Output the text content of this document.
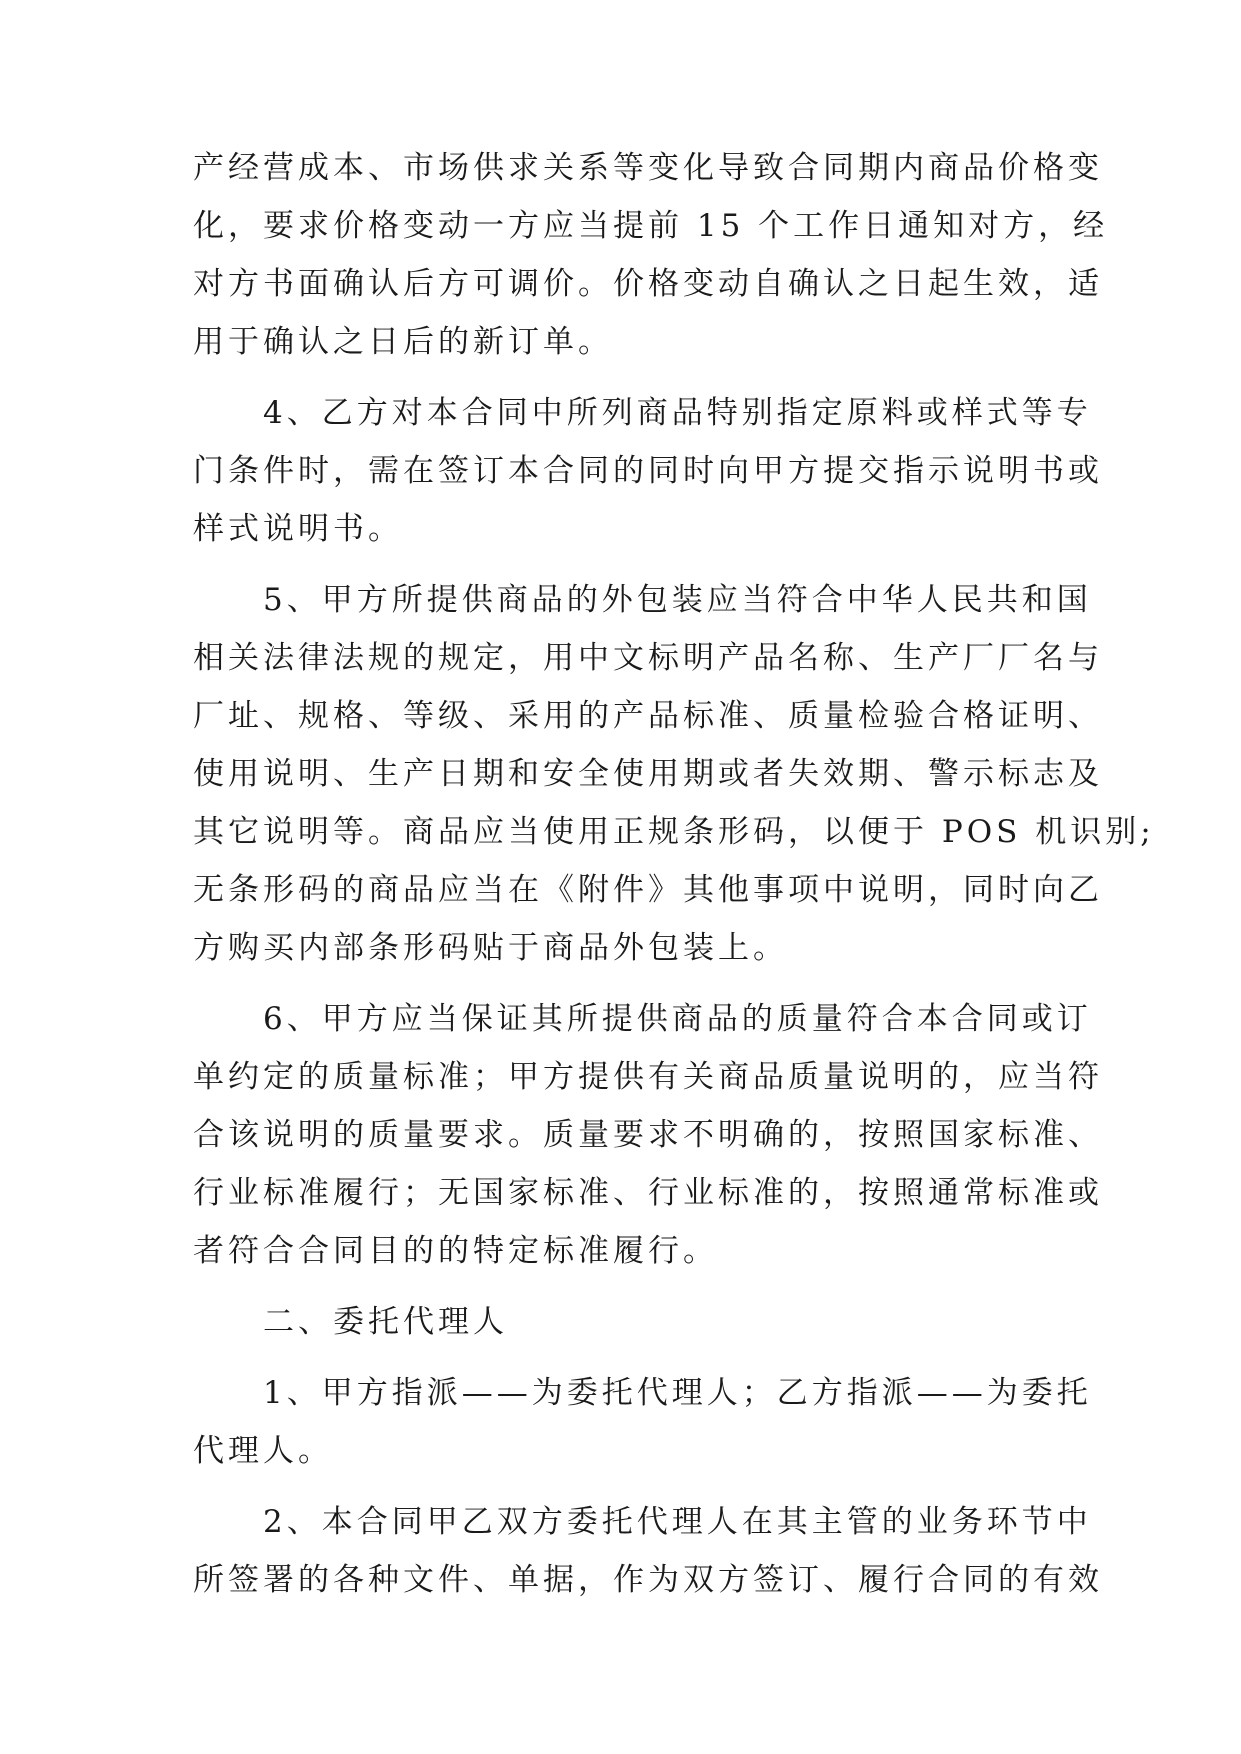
产经营成本、市场供求关系等变化导致合同期内商品价格变
化，要求价格变动一方应当提前 15 个工作日通知对方，经
对方书面确认后方可调价。价格变动自确认之日起生效，适
用于确认之日后的新订单。
　　4、乙方对本合同中所列商品特别指定原料或样式等专
门条件时，需在签订本合同的同时向甲方提交指示说明书或
样式说明书。
　　5、甲方所提供商品的外包装应当符合中华人民共和国
相关法律法规的规定，用中文标明产品名称、生产厂厂名与
厂址、规格、等级、采用的产品标准、质量检验合格证明、
使用说明、生产日期和安全使用期或者失效期、警示标志及
其它说明等。商品应当使用正规条形码，以便于 POS 机识别;
无条形码的商品应当在《附件》其他事项中说明，同时向乙
方购买内部条形码贴于商品外包装上。
　　6、甲方应当保证其所提供商品的质量符合本合同或订
单约定的质量标准；甲方提供有关商品质量说明的，应当符
合该说明的质量要求。质量要求不明确的，按照国家标准、
行业标准履行；无国家标准、行业标准的，按照通常标准或
者符合合同目的的特定标准履行。
　　二、委托代理人
　　1、甲方指派——为委托代理人；乙方指派——为委托
代理人。
　　2、本合同甲乙双方委托代理人在其主管的业务环节中
所签署的各种文件、单据，作为双方签订、履行合同的有效
